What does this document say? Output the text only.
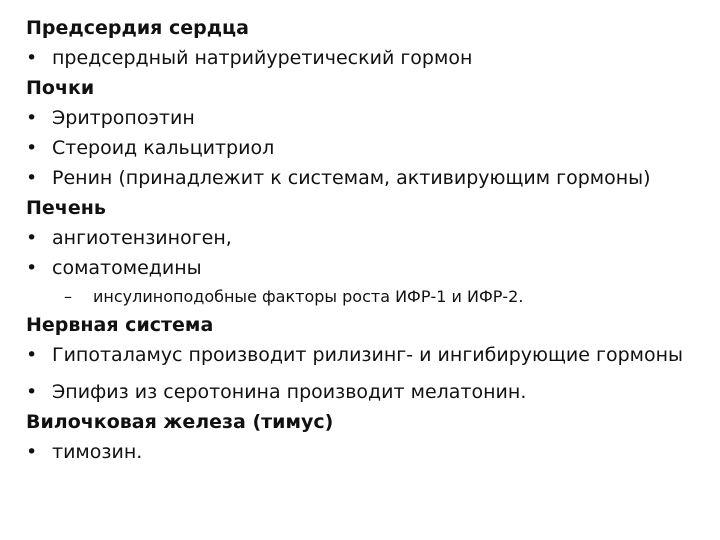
Предсердия сердца
• предсердный натрийуретический гормон
Почки
• Эритропоэтин
• Стероид кальцитриол
• Ренин (принадлежит к системам, активирующим гормоны)
Печень
• ангиотензиноген,
• соматомедины
– инсулиноподобные факторы роста ИФР-1 и ИФР-2.
Нервная система
• Гипоталамус производит рилизинг- и ингибирующие гормоны
• Эпифиз из серотонина производит мелатонин.
Вилочковая железа (тимус)
• тимозин.
